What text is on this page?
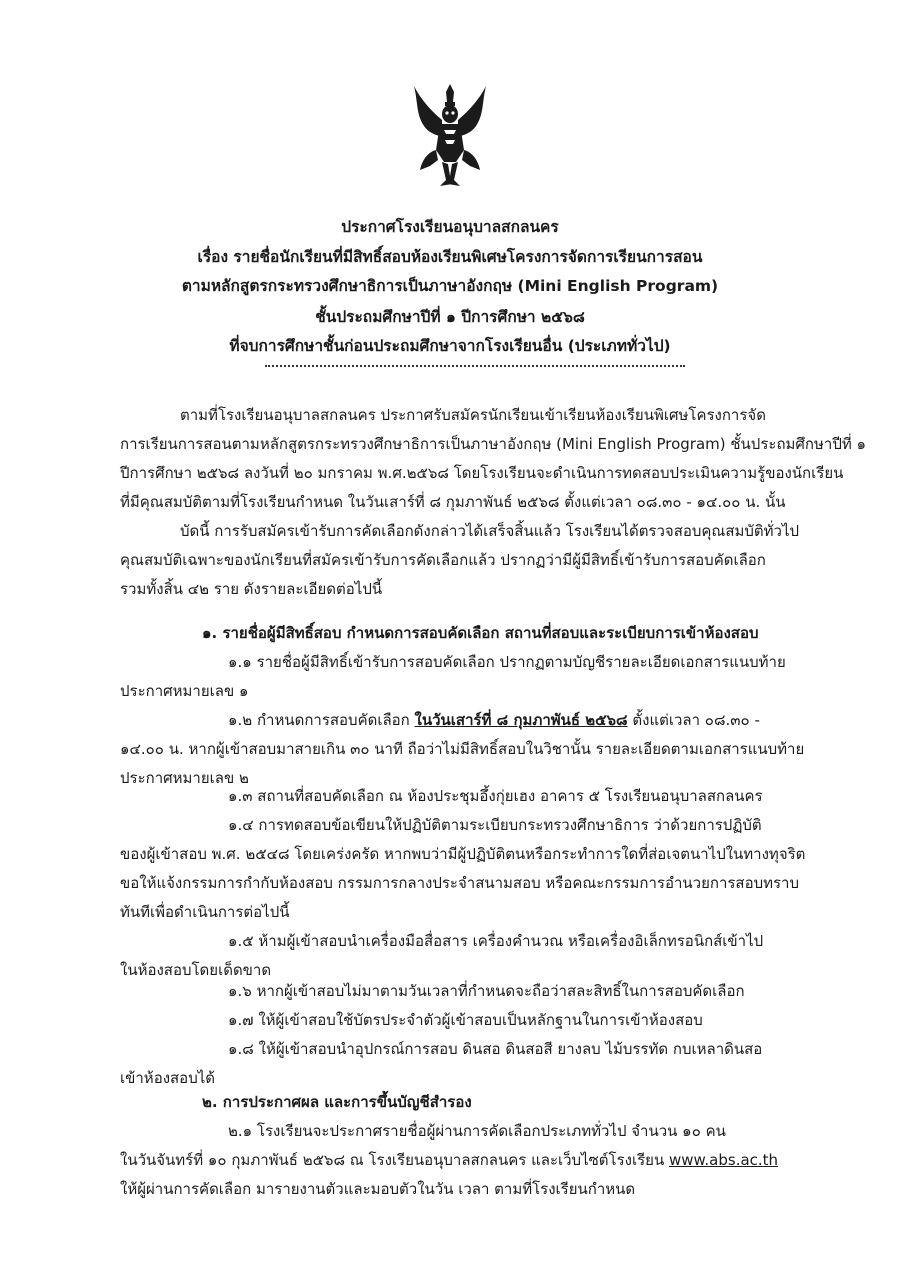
ประกาศโรงเรียนอนุบาลสกลนคร
เรื่อง รายชื่อนักเรียนที่มีสิทธิ์สอบห้องเรียนพิเศษโครงการจัดการเรียนการสอน
ตามหลักสูตรกระทรวงศึกษาธิการเป็นภาษาอังกฤษ (Mini English Program)
ชั้นประถมศึกษาปีที่ ๑ ปีการศึกษา ๒๕๖๘
ที่จบการศึกษาชั้นก่อนประถมศึกษาจากโรงเรียนอื่น (ประเภททั่วไป)
ตามที่โรงเรียนอนุบาลสกลนคร ประกาศรับสมัครนักเรียนเข้าเรียนห้องเรียนพิเศษโครงการจัด
การเรียนการสอนตามหลักสูตรกระทรวงศึกษาธิการเป็นภาษาอังกฤษ (Mini English Program) ชั้นประถมศึกษาปีที่ ๑
ปีการศึกษา ๒๕๖๘ ลงวันที่ ๒๐ มกราคม พ.ศ.๒๕๖๘ โดยโรงเรียนจะดำเนินการทดสอบประเมินความรู้ของนักเรียน
ที่มีคุณสมบัติตามที่โรงเรียนกำหนด ในวันเสาร์ที่ ๘ กุมภาพันธ์ ๒๕๖๘ ตั้งแต่เวลา ๐๘.๓๐ - ๑๔.๐๐ น. นั้น
บัดนี้ การรับสมัครเข้ารับการคัดเลือกดังกล่าวได้เสร็จสิ้นแล้ว โรงเรียนได้ตรวจสอบคุณสมบัติทั่วไป
คุณสมบัติเฉพาะของนักเรียนที่สมัครเข้ารับการคัดเลือกแล้ว ปรากฏว่ามีผู้มีสิทธิ์เข้ารับการสอบคัดเลือก
รวมทั้งสิ้น ๔๒ ราย ดังรายละเอียดต่อไปนี้
๑. รายชื่อผู้มีสิทธิ์สอบ กำหนดการสอบคัดเลือก สถานที่สอบและระเบียบการเข้าห้องสอบ
๑.๑ รายชื่อผู้มีสิทธิ์เข้ารับการสอบคัดเลือก ปรากฏตามบัญชีรายละเอียดเอกสารแนบท้าย
ประกาศหมายเลข ๑
๑.๒ กำหนดการสอบคัดเลือก ในวันเสาร์ที่ ๘ กุมภาพันธ์ ๒๕๖๘ ตั้งแต่เวลา ๐๘.๓๐ -
๑๔.๐๐ น. หากผู้เข้าสอบมาสายเกิน ๓๐ นาที ถือว่าไม่มีสิทธิ์สอบในวิชานั้น รายละเอียดตามเอกสารแนบท้าย
ประกาศหมายเลข ๒
๑.๓ สถานที่สอบคัดเลือก ณ ห้องประชุมอึ้งกุ่ยเฮง อาคาร ๕ โรงเรียนอนุบาลสกลนคร
๑.๔ การทดสอบข้อเขียนให้ปฏิบัติตามระเบียบกระทรวงศึกษาธิการ ว่าด้วยการปฏิบัติ
ของผู้เข้าสอบ พ.ศ. ๒๕๔๘ โดยเคร่งครัด หากพบว่ามีผู้ปฏิบัติตนหรือกระทำการใดที่ส่อเจตนาไปในทางทุจริต
ขอให้แจ้งกรรมการกำกับห้องสอบ กรรมการกลางประจำสนามสอบ หรือคณะกรรมการอำนวยการสอบทราบ
ทันทีเพื่อดำเนินการต่อไปนี้
๑.๕ ห้ามผู้เข้าสอบนำเครื่องมือสื่อสาร เครื่องคำนวณ หรือเครื่องอิเล็กทรอนิกส์เข้าไป
ในห้องสอบโดยเด็ดขาด
๑.๖ หากผู้เข้าสอบไม่มาตามวันเวลาที่กำหนดจะถือว่าสละสิทธิ์ในการสอบคัดเลือก
๑.๗ ให้ผู้เข้าสอบใช้บัตรประจำตัวผู้เข้าสอบเป็นหลักฐานในการเข้าห้องสอบ
๑.๘ ให้ผู้เข้าสอบนำอุปกรณ์การสอบ ดินสอ ดินสอสี ยางลบ ไม้บรรทัด กบเหลาดินสอ
เข้าห้องสอบได้
๒. การประกาศผล และการขึ้นบัญชีสำรอง
๒.๑ โรงเรียนจะประกาศรายชื่อผู้ผ่านการคัดเลือกประเภททั่วไป จำนวน ๑๐ คน
ในวันจันทร์ที่ ๑๐ กุมภาพันธ์ ๒๕๖๘ ณ โรงเรียนอนุบาลสกลนคร และเว็บไซต์โรงเรียน www.abs.ac.th
ให้ผู้ผ่านการคัดเลือก มารายงานตัวและมอบตัวในวัน เวลา ตามที่โรงเรียนกำหนด
